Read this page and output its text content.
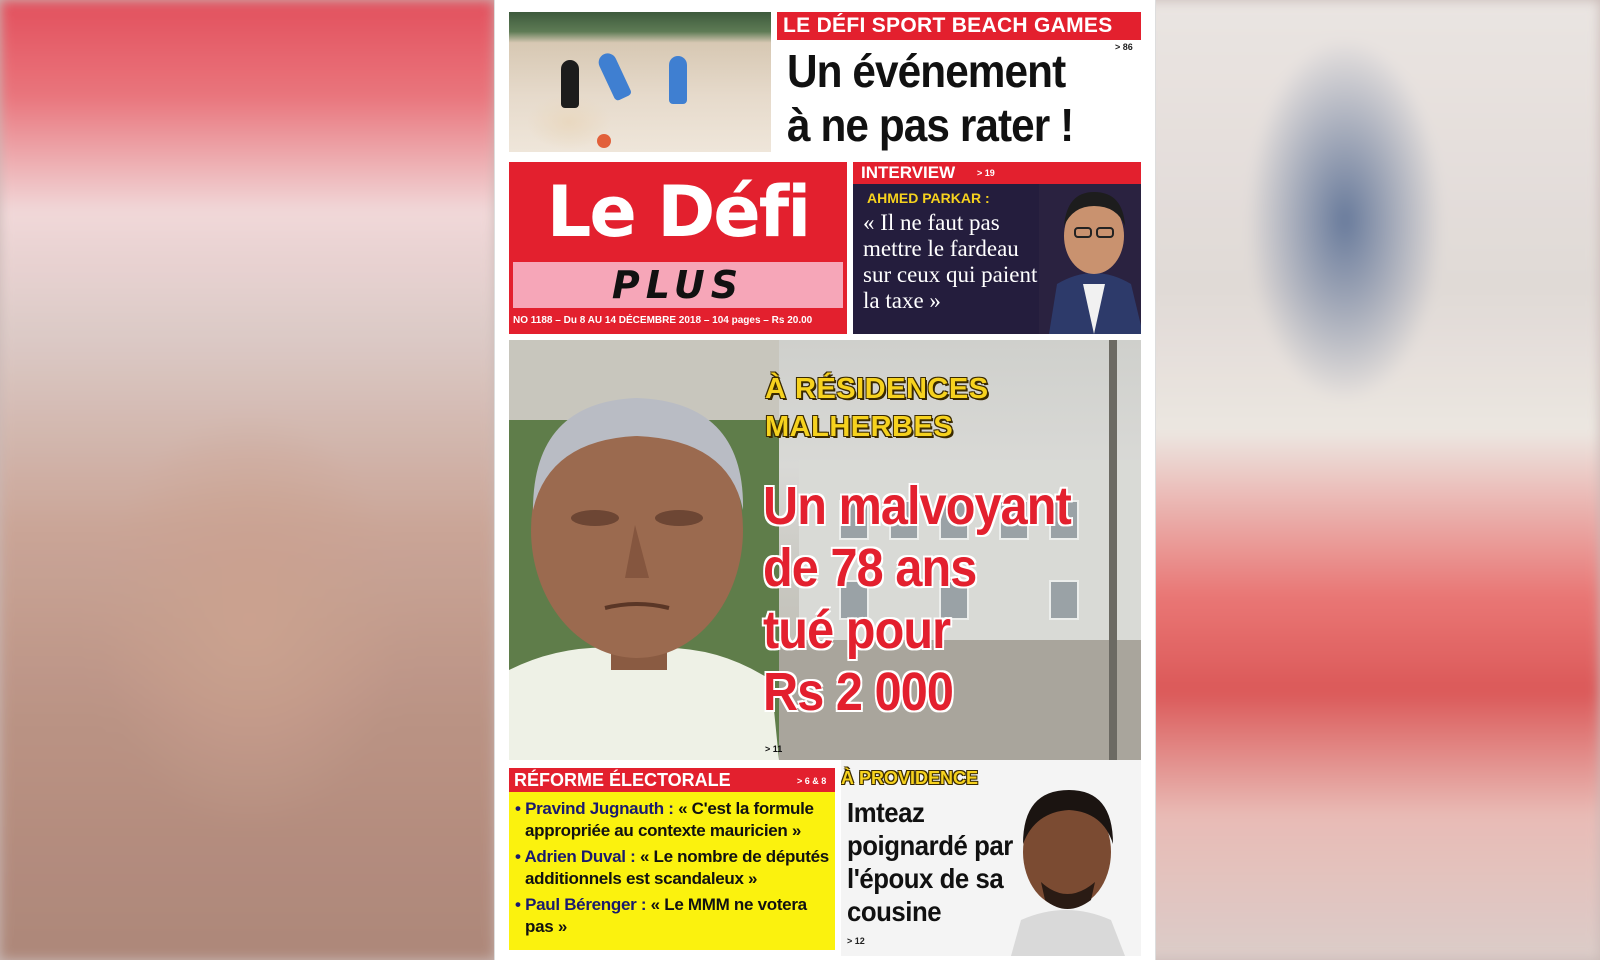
LE DÉFI SPORT BEACH GAMES
> 86
Un événement
à ne pas rater !
Le Défi
PLUS
NO 1188 – Du 8 AU 14 DÉCEMBRE 2018 – 104 pages – Rs 20.00
INTERVIEW	> 19
AHMED PARKAR :
« Il ne faut pas mettre le fardeau sur ceux qui paient la taxe »
À RÉSIDENCES
MALHERBES
Un malvoyant
de 78 ans
tué pour
Rs 2 000
> 11
RÉFORME ÉLECTORALE	> 6 & 8
• Pravind Jugnauth : « C'est la formule appropriée au contexte mauricien »
• Adrien Duval : « Le nombre de députés additionnels est scandaleux »
• Paul Bérenger : « Le MMM ne votera pas »
À PROVIDENCE
Imteaz poignardé par l'époux de sa cousine
> 12
